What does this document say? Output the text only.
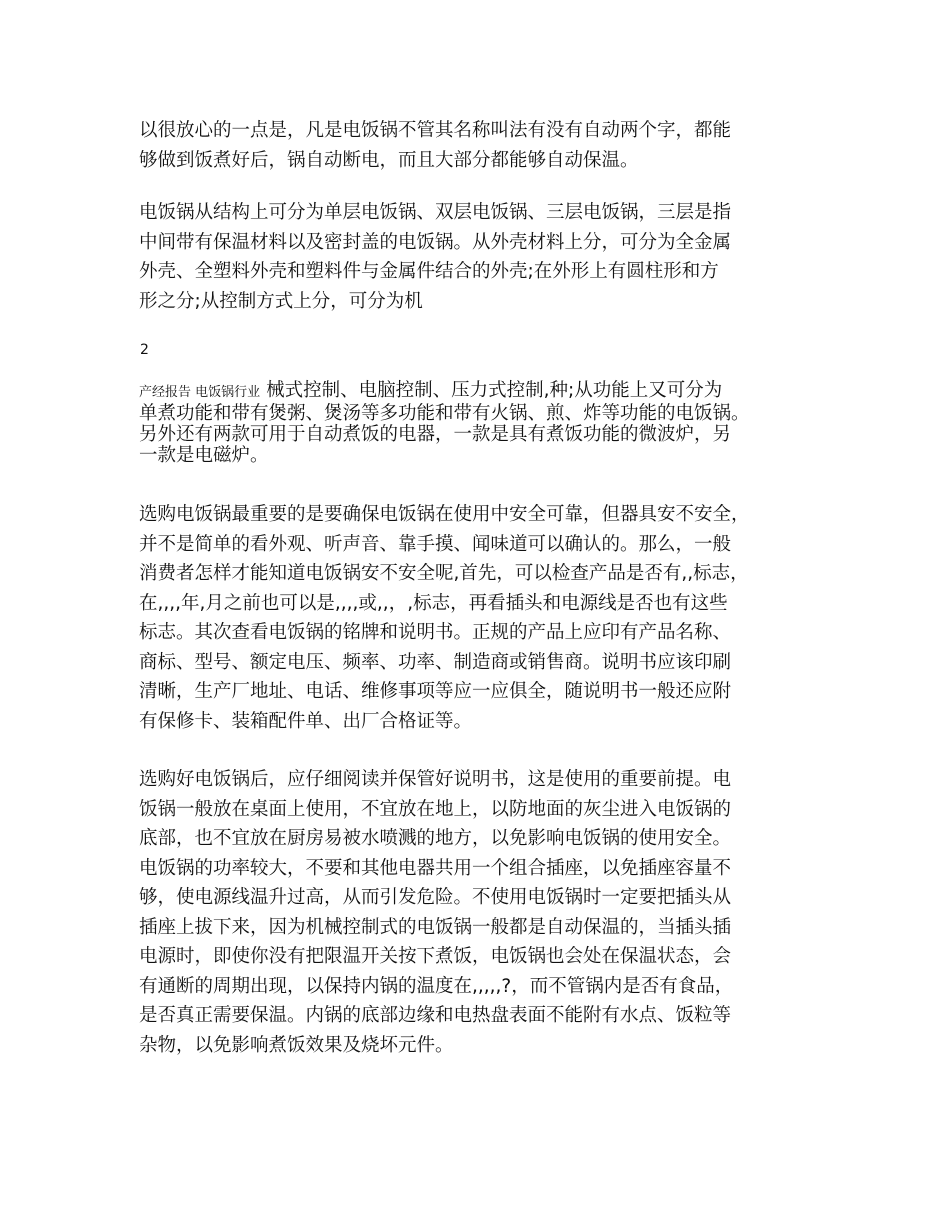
以很放心的一点是，凡是电饭锅不管其名称叫法有没有自动两个字，都能
够做到饭煮好后，锅自动断电，而且大部分都能够自动保温。
电饭锅从结构上可分为单层电饭锅、双层电饭锅、三层电饭锅，三层是指
中间带有保温材料以及密封盖的电饭锅。从外壳材料上分，可分为全金属
外壳、全塑料外壳和塑料件与金属件结合的外壳;在外形上有圆柱形和方
形之分;从控制方式上分，可分为机
2
产经报告 电饭锅行业 械式控制、电脑控制、压力式控制,种;从功能上又可分为
单煮功能和带有煲粥、煲汤等多功能和带有火锅、煎、炸等功能的电饭锅。
另外还有两款可用于自动煮饭的电器，一款是具有煮饭功能的微波炉，另
一款是电磁炉。
选购电饭锅最重要的是要确保电饭锅在使用中安全可靠，但器具安不安全，
并不是简单的看外观、听声音、靠手摸、闻味道可以确认的。那么，一般
消费者怎样才能知道电饭锅安不安全呢,首先，可以检查产品是否有,,标志，
在,,,,年,月之前也可以是,,,,或,,，,标志，再看插头和电源线是否也有这些
标志。其次查看电饭锅的铭牌和说明书。正规的产品上应印有产品名称、
商标、型号、额定电压、频率、功率、制造商或销售商。说明书应该印刷
清晰，生产厂地址、电话、维修事项等应一应俱全，随说明书一般还应附
有保修卡、装箱配件单、出厂合格证等。
选购好电饭锅后，应仔细阅读并保管好说明书，这是使用的重要前提。电
饭锅一般放在桌面上使用，不宜放在地上，以防地面的灰尘进入电饭锅的
底部，也不宜放在厨房易被水喷溅的地方，以免影响电饭锅的使用安全。
电饭锅的功率较大，不要和其他电器共用一个组合插座，以免插座容量不
够，使电源线温升过高，从而引发危险。不使用电饭锅时一定要把插头从
插座上拔下来，因为机械控制式的电饭锅一般都是自动保温的，当插头插
电源时，即使你没有把限温开关按下煮饭，电饭锅也会处在保温状态，会
有通断的周期出现，以保持内锅的温度在,,,,,?，而不管锅内是否有食品，
是否真正需要保温。内锅的底部边缘和电热盘表面不能附有水点、饭粒等
杂物，以免影响煮饭效果及烧坏元件。
